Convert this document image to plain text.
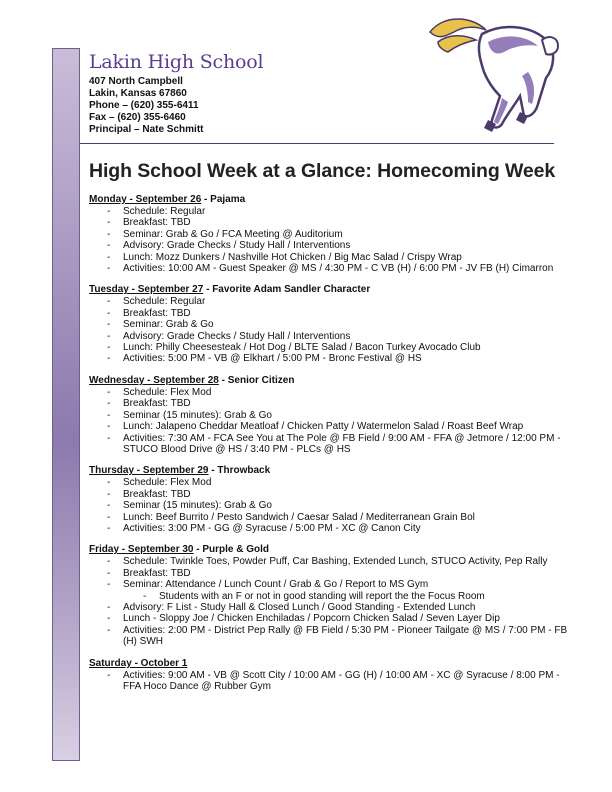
Lakin High School
407 North Campbell
Lakin, Kansas 67860
Phone – (620) 355-6411
Fax – (620) 355-6460
Principal – Nate Schmitt
High School Week at a Glance: Homecoming Week
Monday - September 26 - Pajama
- Schedule: Regular
- Breakfast: TBD
- Seminar: Grab & Go / FCA Meeting @ Auditorium
- Advisory: Grade Checks / Study Hall / Interventions
- Lunch: Mozz Dunkers / Nashville Hot Chicken / Big Mac Salad / Crispy Wrap
- Activities: 10:00 AM - Guest Speaker @ MS / 4:30 PM - C VB (H) / 6:00 PM - JV FB (H) Cimarron
Tuesday - September 27 - Favorite Adam Sandler Character
- Schedule: Regular
- Breakfast: TBD
- Seminar: Grab & Go
- Advisory: Grade Checks / Study Hall / Interventions
- Lunch: Philly Cheesesteak / Hot Dog / BLTE Salad / Bacon Turkey Avocado Club
- Activities: 5:00 PM - VB @ Elkhart / 5:00 PM - Bronc Festival @ HS
Wednesday - September 28 - Senior Citizen
- Schedule: Flex Mod
- Breakfast: TBD
- Seminar (15 minutes): Grab & Go
- Lunch: Jalapeno Cheddar Meatloaf / Chicken Patty / Watermelon Salad / Roast Beef Wrap
- Activities: 7:30 AM - FCA See You at The Pole @ FB Field / 9:00 AM - FFA @ Jetmore / 12:00 PM - STUCO Blood Drive @ HS / 3:40 PM - PLCs @ HS
Thursday - September 29 - Throwback
- Schedule: Flex Mod
- Breakfast: TBD
- Seminar (15 minutes): Grab & Go
- Lunch: Beef Burrito / Pesto Sandwich / Caesar Salad / Mediterranean Grain Bol
- Activities: 3:00 PM - GG @ Syracuse / 5:00 PM - XC @ Canon City
Friday - September 30 - Purple & Gold
- Schedule: Twinkle Toes, Powder Puff, Car Bashing, Extended Lunch, STUCO Activity, Pep Rally
- Breakfast: TBD
- Seminar: Attendance / Lunch Count / Grab & Go / Report to MS Gym
- Students with an F or not in good standing will report the the Focus Room
- Advisory: F List - Study Hall & Closed Lunch / Good Standing - Extended Lunch
- Lunch - Sloppy Joe / Chicken Enchiladas / Popcorn Chicken Salad / Seven Layer Dip
- Activities: 2:00 PM - District Pep Rally @ FB Field / 5:30 PM - Pioneer Tailgate @ MS / 7:00 PM - FB (H) SWH
Saturday - October 1
- Activities: 9:00 AM - VB @ Scott City / 10:00 AM - GG (H) / 10:00 AM - XC @ Syracuse / 8:00 PM - FFA Hoco Dance @ Rubber Gym
